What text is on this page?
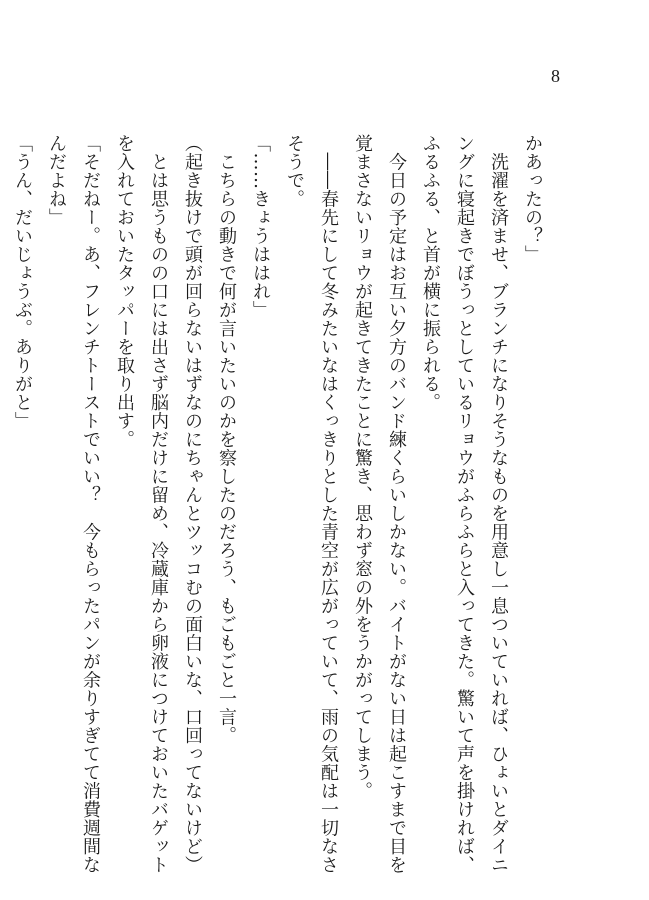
8
かあったの？」
　洗濯を済ませ、ブランチになりそうなものを用意し一息ついていれば、ひょいとダイニ
ングに寝起きでぼうっとしているリョウがふらふらと入ってきた。驚いて声を掛ければ、
ふるふる、と首が横に振られる。
　今日の予定はお互い夕方のバンド練くらいしかない。バイトがない日は起こすまで目を
覚まさないリョウが起きてきたことに驚き、思わず窓の外をうかがってしまう。
　――春先にして冬みたいなはくっきりとした青空が広がっていて、雨の気配は一切なさ
そうで。
「……きょうははれ」
　こちらの動きで何が言いたいのかを察したのだろう、もごもごと一言。
（起き抜けで頭が回らないはずなのにちゃんとツッコむの面白いな、口回ってないけど）
　とは思うものの口には出さず脳内だけに留め、冷蔵庫から卵液につけておいたバゲット
を入れておいたタッパーを取り出す。
「そだねー。あ、フレンチトーストでいい？　今もらったパンが余りすぎてて消費週間な
んだよね」
「うん、だいじょうぶ。ありがと」
